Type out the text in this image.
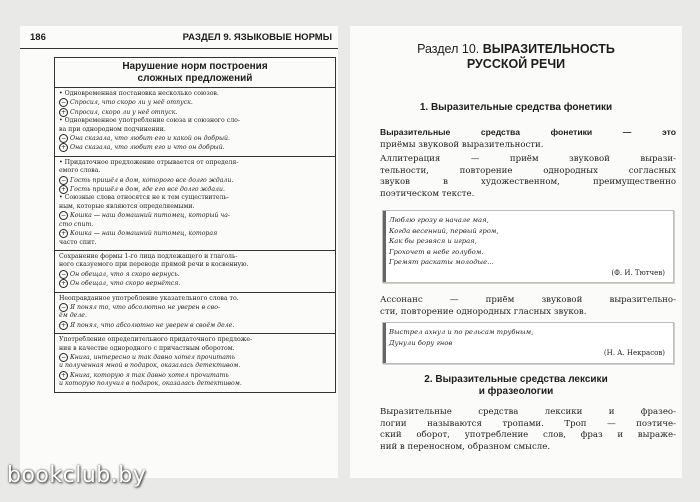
186	РАЗДЕЛ 9. ЯЗЫКОВЫЕ НОРМЫ
Нарушение норм построения
сложных предложений
• Одновременная постановка несколько союзов.
− Спросил, что скоро ли у неё отпуск.
+ Спросил, скоро ли у неё отпуск.
• Одновременное употребление союза и союзного сло-
ва при однородном подчинении.
− Она сказала, что любит его и какой он добрый.
+ Она сказала, что любит его и что он добрый.
• Придаточное предложение отрывается от определя-
емого слова.
− Гость пришёл в дом, которого все долго ждали.
+ Гость пришёл в дом, где его все долго ждали.
• Союзные слова относятся не к тем существитель-
ным, которые являются определяемыми.
− Кошка — наш домашний питомец, который ча-
сто спит.
+ Кошка — наш домашний питомец, которая
часто спит.
Сохранение формы 1-го лица подлежащего и глаголь-
ного сказуемого при переводе прямой речи в косвенную.
− Он обещал, что я скоро вернусь.
+ Он обещал, что скоро вернётся.
Неоправданное употребление указательного слова то.
− Я понял то, что абсолютно не уверен в сво-
ём деле.
+ Я понял, что абсолютно не уверен в своём деле.
Употребление определительного придаточного предложе-
ния в качестве однородного с причастным оборотом.
− Книга, интересно и так давно хотел прочитать
и полученная мной в подарок, оказалась детективом.
+ Книга, которую я так давно хотел прочитать
и которую получил в подарок, оказалась детективом.
Раздел 10. ВЫРАЗИТЕЛЬНОСТЬ
РУССКОЙ РЕЧИ
1. Выразительные средства фонетики
Выразительные средства фонетики — это
приёмы звуковой выразительности.
Аллитерация — приём звуковой вырази-
тельности, повторение однородных согласных
звуков в художественном, преимущественно
поэтическом тексте.
Люблю грозу в начале мая,
Когда весенний, первый гром,
Как бы резвяся и играя,
Грохочет в небе голубом.
Гремят раскаты молодые...
(Ф. И. Тютчев)
Ассонанс — приём звуковой выразительно-
сти, повторение однородных гласных звуков.
Выстрел ахнул и по рельсам трубным,
Дунули бору гнов
(Н. А. Некрасов)
2. Выразительные средства лексики
и фразеологии
Выразительные средства лексики и фразео-
логии называются тропами. Троп — поэтиче-
ский оборот, употребление слов, фраз и выраже-
ний в переносном, образном смысле.
bookclub.by
